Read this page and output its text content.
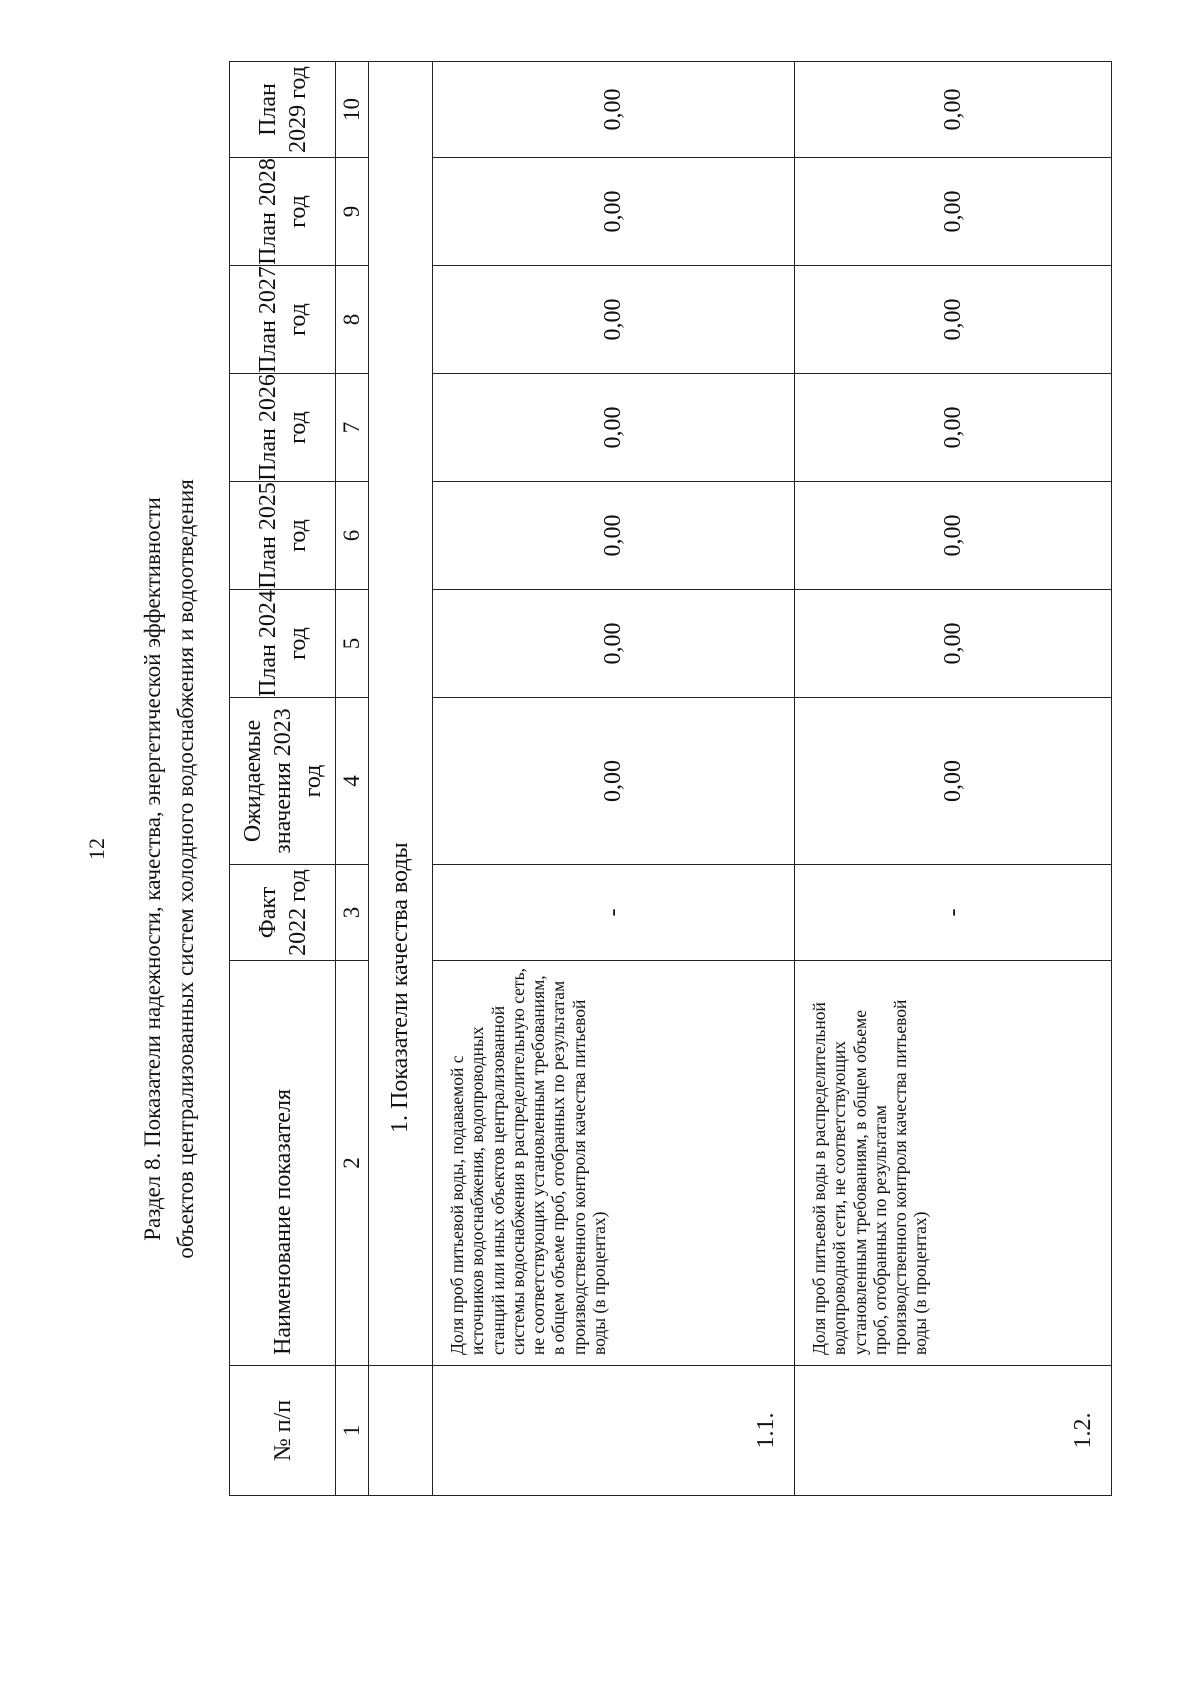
12 Раздел 8. Показатели надежности, качества, энергетической эффективности объектов централизованных систем холодного водоснабжения и водоотведения
№ п/п	Наименование показателя	Факт 2022 год	Ожидаемые значения 2023 год	План 2024 год	План 2025 год	План 2026 год	План 2027 год	План 2028 год	План 2029 год
1	2	3	4	5	6	7	8	9	10
	1. Показатели качества воды								
1.1.	Доля проб питьевой воды, подаваемой с источников водоснабжения, водопроводных станций или иных объектов централизованной системы водоснабжения в распределительную сеть, не соответствующих установленным требованиям, в общем объеме проб, отобранных по результатам производственного контроля качества питьевой воды (в процентах)	-	0,00	0,00	0,00	0,00	0,00	0,00	0,00
1.2.	Доля проб питьевой воды в распределительной водопроводной сети, не соответствующих установленным требованиям, в общем объеме проб, отобранных по результатам производственного контроля качества питьевой воды (в процентах)	-	0,00	0,00	0,00	0,00	0,00	0,00	0,00
